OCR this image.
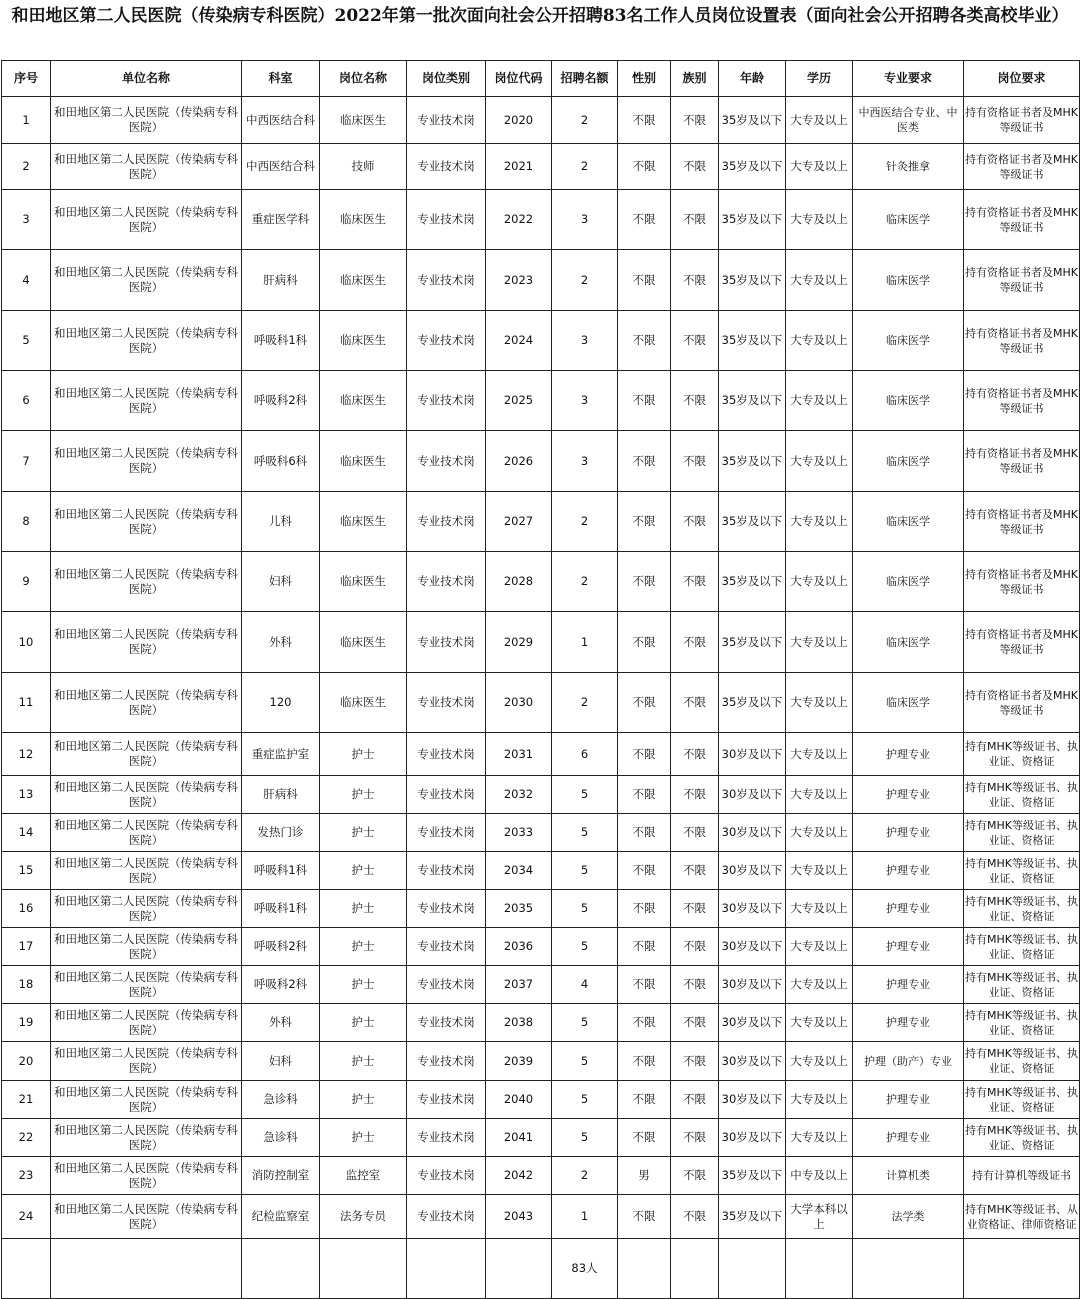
和田地区第二人民医院（传染病专科医院）2022年第一批次面向社会公开招聘83名工作人员岗位设置表（面向社会公开招聘各类高校毕业）
序号	单位名称	科室	岗位名称	岗位类别	岗位代码	招聘名额	性别	族别	年龄	学历	专业要求	岗位要求
1	和田地区第二人民医院（传染病专科医院）	中西医结合科	临床医生	专业技术岗	2020	2	不限	不限	35岁及以下	大专及以上	中西医结合专业、中医类	持有资格证书者及MHK等级证书
2	和田地区第二人民医院（传染病专科医院）	中西医结合科	技师	专业技术岗	2021	2	不限	不限	35岁及以下	大专及以上	针灸推拿	持有资格证书者及MHK等级证书
3	和田地区第二人民医院（传染病专科医院）	重症医学科	临床医生	专业技术岗	2022	3	不限	不限	35岁及以下	大专及以上	临床医学	持有资格证书者及MHK等级证书
4	和田地区第二人民医院（传染病专科医院）	肝病科	临床医生	专业技术岗	2023	2	不限	不限	35岁及以下	大专及以上	临床医学	持有资格证书者及MHK等级证书
5	和田地区第二人民医院（传染病专科医院）	呼吸科1科	临床医生	专业技术岗	2024	3	不限	不限	35岁及以下	大专及以上	临床医学	持有资格证书者及MHK等级证书
6	和田地区第二人民医院（传染病专科医院）	呼吸科2科	临床医生	专业技术岗	2025	3	不限	不限	35岁及以下	大专及以上	临床医学	持有资格证书者及MHK等级证书
7	和田地区第二人民医院（传染病专科医院）	呼吸科6科	临床医生	专业技术岗	2026	3	不限	不限	35岁及以下	大专及以上	临床医学	持有资格证书者及MHK等级证书
8	和田地区第二人民医院（传染病专科医院）	儿科	临床医生	专业技术岗	2027	2	不限	不限	35岁及以下	大专及以上	临床医学	持有资格证书者及MHK等级证书
9	和田地区第二人民医院（传染病专科医院）	妇科	临床医生	专业技术岗	2028	2	不限	不限	35岁及以下	大专及以上	临床医学	持有资格证书者及MHK等级证书
10	和田地区第二人民医院（传染病专科医院）	外科	临床医生	专业技术岗	2029	1	不限	不限	35岁及以下	大专及以上	临床医学	持有资格证书者及MHK等级证书
11	和田地区第二人民医院（传染病专科医院）	120	临床医生	专业技术岗	2030	2	不限	不限	35岁及以下	大专及以上	临床医学	持有资格证书者及MHK等级证书
12	和田地区第二人民医院（传染病专科医院）	重症监护室	护士	专业技术岗	2031	6	不限	不限	30岁及以下	大专及以上	护理专业	持有MHK等级证书、执业证、资格证
13	和田地区第二人民医院（传染病专科医院）	肝病科	护士	专业技术岗	2032	5	不限	不限	30岁及以下	大专及以上	护理专业	持有MHK等级证书、执业证、资格证
14	和田地区第二人民医院（传染病专科医院）	发热门诊	护士	专业技术岗	2033	5	不限	不限	30岁及以下	大专及以上	护理专业	持有MHK等级证书、执业证、资格证
15	和田地区第二人民医院（传染病专科医院）	呼吸科1科	护士	专业技术岗	2034	5	不限	不限	30岁及以下	大专及以上	护理专业	持有MHK等级证书、执业证、资格证
16	和田地区第二人民医院（传染病专科医院）	呼吸科1科	护士	专业技术岗	2035	5	不限	不限	30岁及以下	大专及以上	护理专业	持有MHK等级证书、执业证、资格证
17	和田地区第二人民医院（传染病专科医院）	呼吸科2科	护士	专业技术岗	2036	5	不限	不限	30岁及以下	大专及以上	护理专业	持有MHK等级证书、执业证、资格证
18	和田地区第二人民医院（传染病专科医院）	呼吸科2科	护士	专业技术岗	2037	4	不限	不限	30岁及以下	大专及以上	护理专业	持有MHK等级证书、执业证、资格证
19	和田地区第二人民医院（传染病专科医院）	外科	护士	专业技术岗	2038	5	不限	不限	30岁及以下	大专及以上	护理专业	持有MHK等级证书、执业证、资格证
20	和田地区第二人民医院（传染病专科医院）	妇科	护士	专业技术岗	2039	5	不限	不限	30岁及以下	大专及以上	护理（助产）专业	持有MHK等级证书、执业证、资格证
21	和田地区第二人民医院（传染病专科医院）	急诊科	护士	专业技术岗	2040	5	不限	不限	30岁及以下	大专及以上	护理专业	持有MHK等级证书、执业证、资格证
22	和田地区第二人民医院（传染病专科医院）	急诊科	护士	专业技术岗	2041	5	不限	不限	30岁及以下	大专及以上	护理专业	持有MHK等级证书、执业证、资格证
23	和田地区第二人民医院（传染病专科医院）	消防控制室	监控室	专业技术岗	2042	2	男	不限	35岁及以下	中专及以上	计算机类	持有计算机等级证书
24	和田地区第二人民医院（传染病专科医院）	纪检监察室	法务专员	专业技术岗	2043	1	不限	不限	35岁及以下	大学本科以上	法学类	持有MHK等级证书、从业资格证、律师资格证
						83人						
